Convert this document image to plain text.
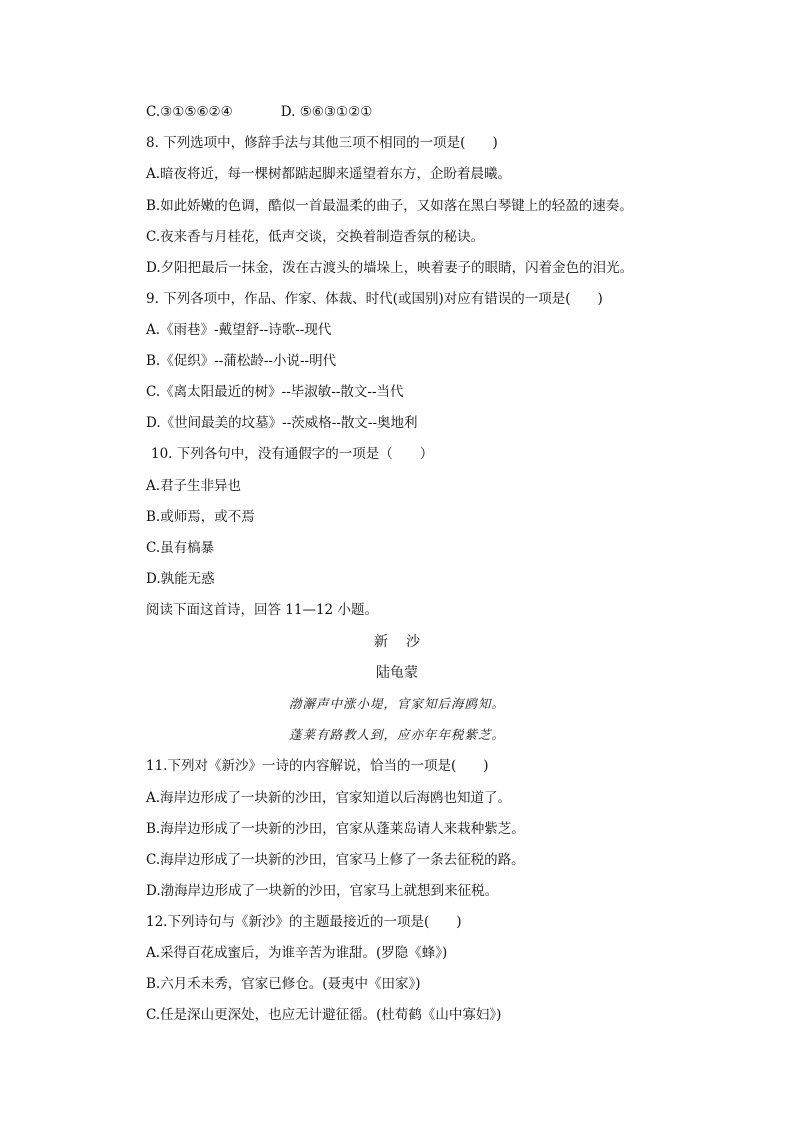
C.③①⑤⑥②④	D. ⑤⑥③①②①
8. 下列选项中，修辞手法与其他三项不相同的一项是(　　)
A.暗夜将近，每一棵树都踮起脚来遥望着东方，企盼着晨曦。
B.如此娇嫩的色调，酷似一首最温柔的曲子，又如落在黑白琴键上的轻盈的速奏。
C.夜来香与月桂花，低声交谈，交换着制造香氛的秘诀。
D.夕阳把最后一抹金，泼在古渡头的墙垛上，映着妻子的眼睛，闪着金色的泪光。
9. 下列各项中，作品、作家、体裁、时代(或国别)对应有错误的一项是(　　)
A.《雨巷》-戴望舒--诗歌--现代
B.《促织》--蒲松龄--小说--明代
C.《离太阳最近的树》--毕淑敏--散文--当代
D.《世间最美的坟墓》--茨威格--散文--奥地利
10. 下列各句中，没有通假字的一项是（　　）
A.君子生非异也
B.或师焉，或不焉
C.虽有槁暴
D.孰能无惑
阅读下面这首诗，回答 11—12 小题。
新沙
陆龟蒙
渤澥声中涨小堤，官家知后海鸥知。
蓬莱有路教人到，应亦年年税紫芝。
11.下列对《新沙》一诗的内容解说，恰当的一项是(　　)
A.海岸边形成了一块新的沙田，官家知道以后海鸥也知道了。
B.海岸边形成了一块新的沙田，官家从蓬莱岛请人来栽种紫芝。
C.海岸边形成了一块新的沙田，官家马上修了一条去征税的路。
D.渤海岸边形成了一块新的沙田，官家马上就想到来征税。
12.下列诗句与《新沙》的主题最接近的一项是(　　)
A.采得百花成蜜后，为谁辛苦为谁甜。(罗隐《蜂》)
B.六月禾未秀，官家已修仓。(聂夷中《田家》)
C.任是深山更深处，也应无计避征徭。(杜荀鹤《山中寡妇》)
